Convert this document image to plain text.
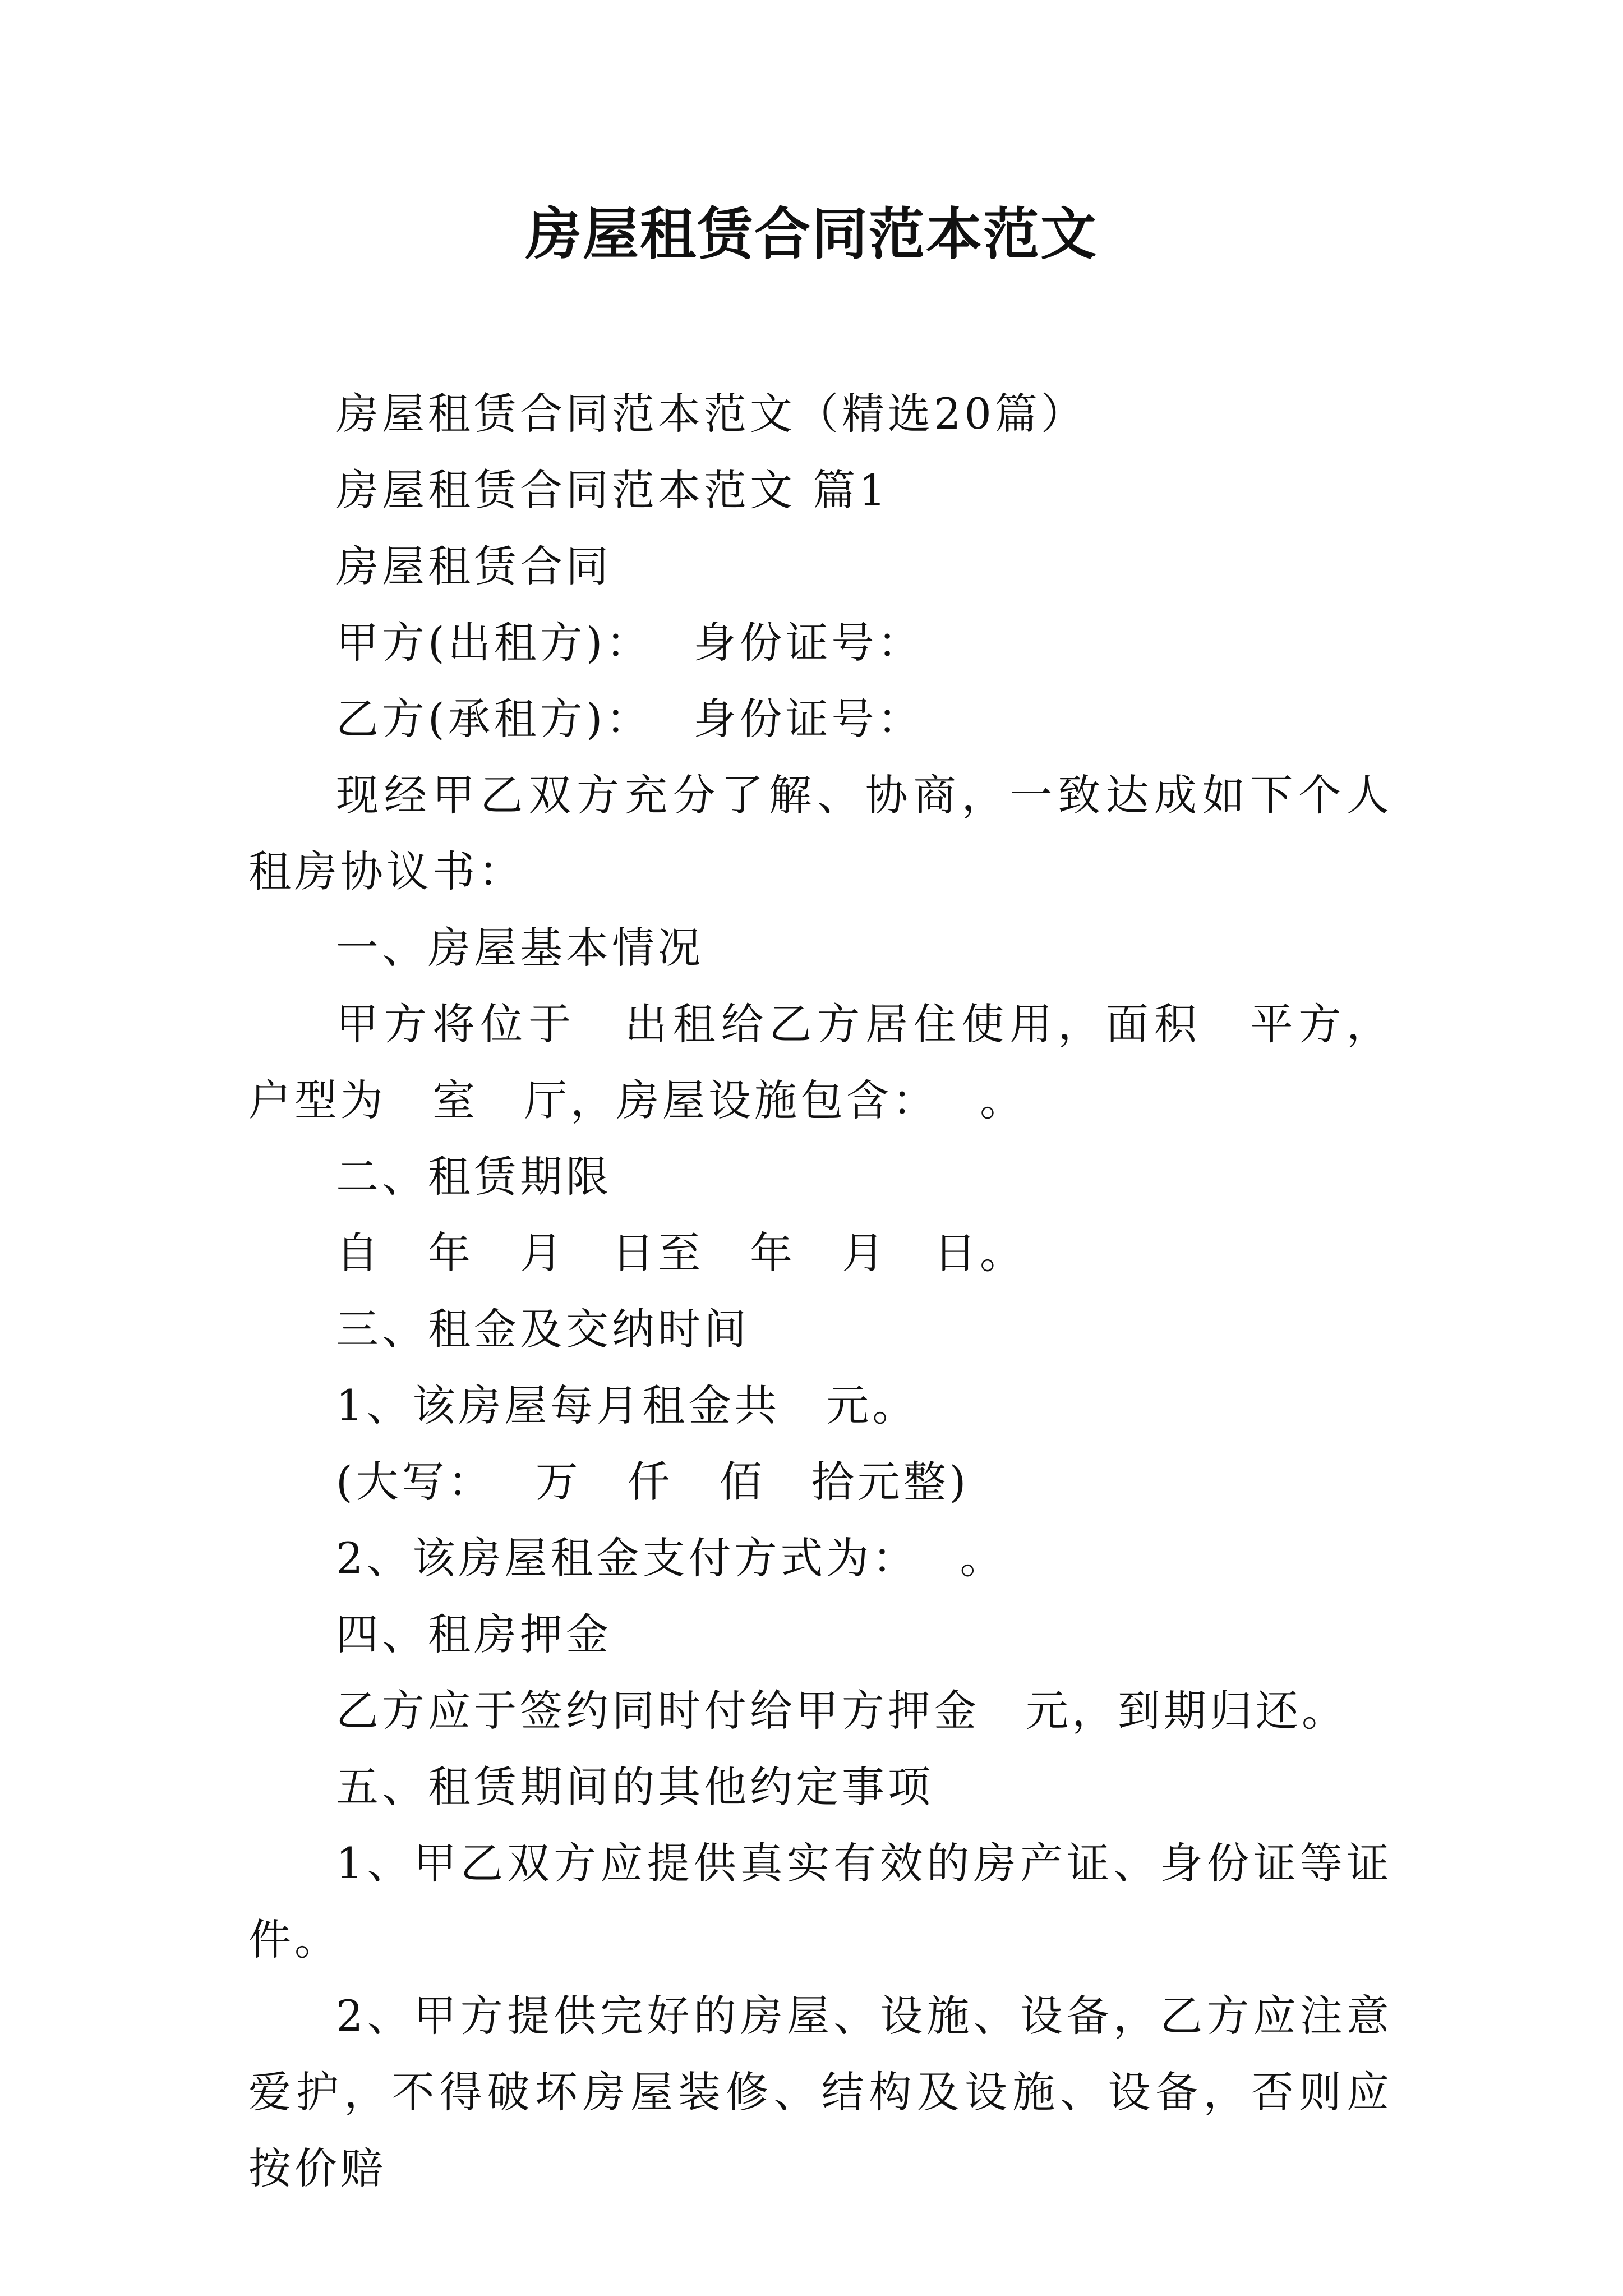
房屋租赁合同范本范文

房屋租赁合同范本范文（精选20篇）

房屋租赁合同范本范文 篇1

房屋租赁合同

甲方(出租方)：　 身份证号：

乙方(承租方)：　 身份证号：

现经甲乙双方充分了解、协商，一致达成如下个人租房协议书：

一、房屋基本情况

甲方将位于　出租给乙方居住使用，面积　平方，户型为　室　厅，房屋设施包含：　 。

二、租赁期限

自　年　月　日至　年　月　日。

三、租金及交纳时间

1、该房屋每月租金共　元。

(大写：　 万　仟　佰　拾元整)

2、该房屋租金支付方式为：　 。

四、租房押金

乙方应于签约同时付给甲方押金　元，到期归还。

五、租赁期间的其他约定事项

1、甲乙双方应提供真实有效的房产证、身份证等证件。

2、甲方提供完好的房屋、设施、设备，乙方应注意爱护，不得破坏房屋装修、结构及设施、设备，否则应按价赔
